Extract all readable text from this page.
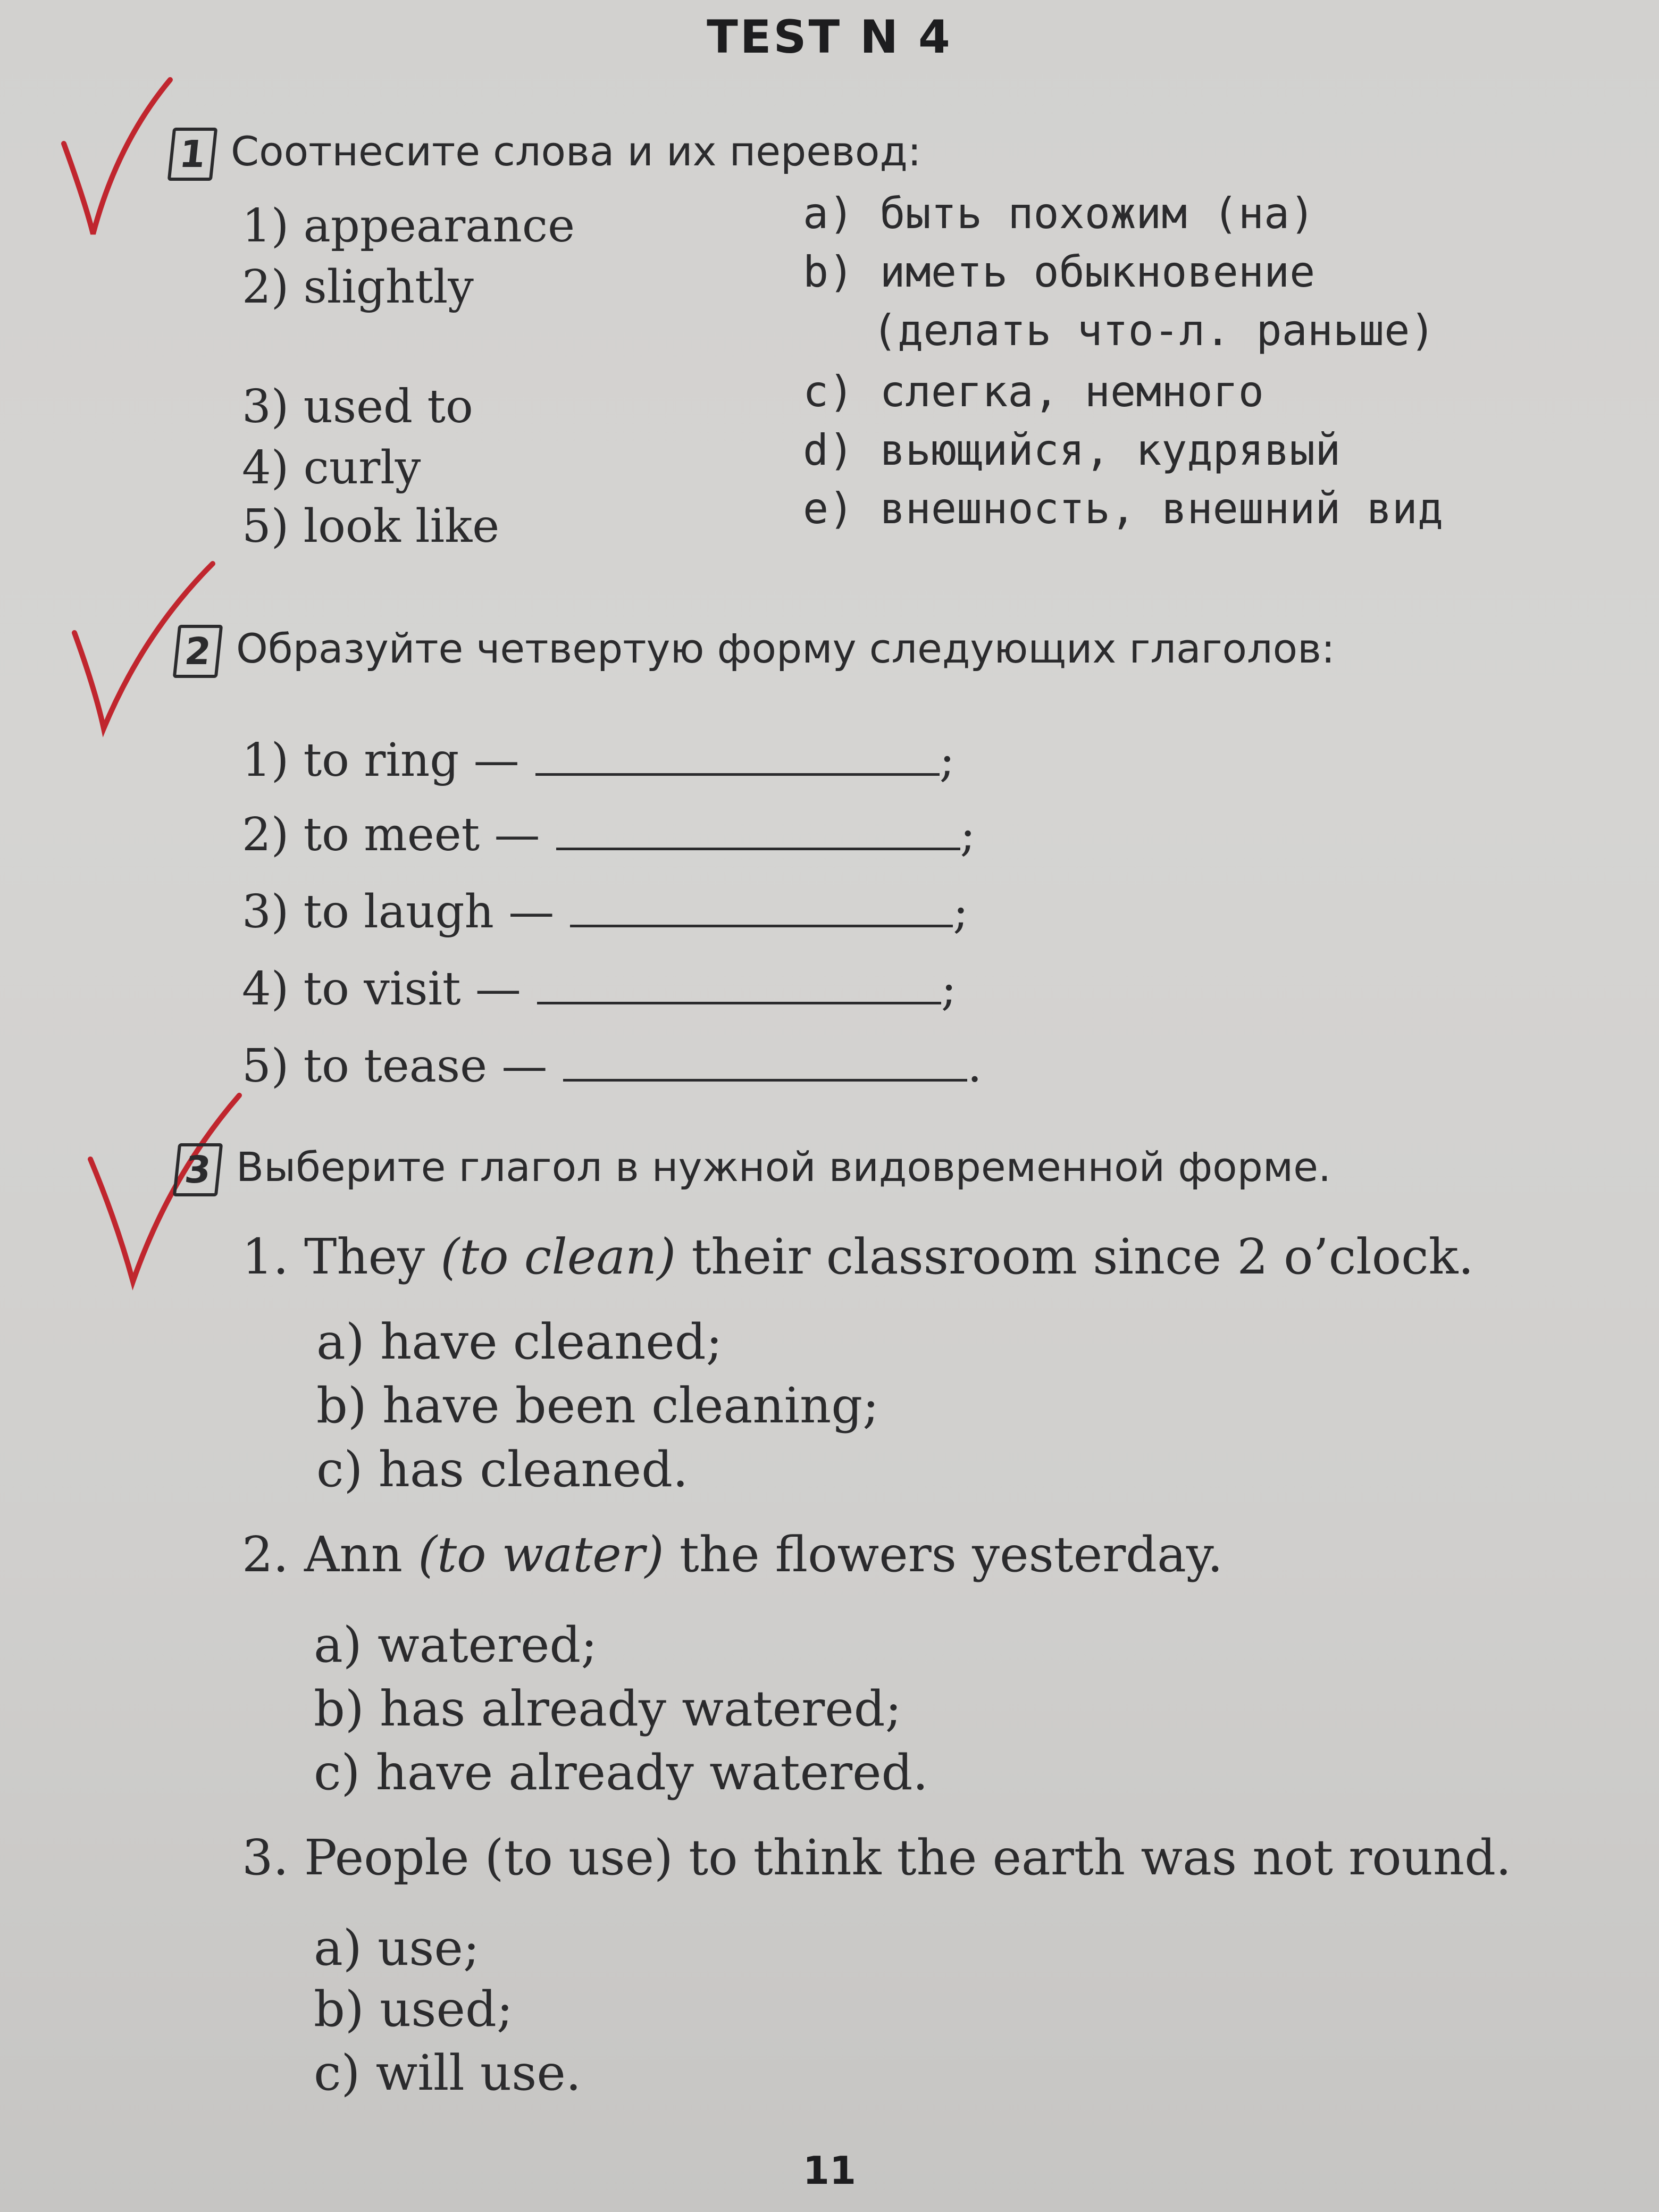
TEST N 4
1 Соотнесите слова и их перевод:
1) appearance
2) slightly
3) used to
4) curly
5) look like
a) быть похожим (на)
b) иметь обыкновение
(делать что-л. раньше)
c) слегка, немного
d) вьющийся, кудрявый
e) внешность, внешний вид
2 Образуйте четвертую форму следующих глаголов:
1) to ring —	;
2) to meet —	;
3) to laugh —	;
4) to visit —	;
5) to tease —	.
3 Выберите глагол в нужной видовременной форме.
1. They (to clean) their classroom since 2 o’clock.
a) have cleaned;
b) have been cleaning;
c) has cleaned.
2. Ann (to water) the flowers yesterday.
a) watered;
b) has already watered;
c) have already watered.
3. People (to use) to think the earth was not round.
a) use;
b) used;
c) will use.
11
